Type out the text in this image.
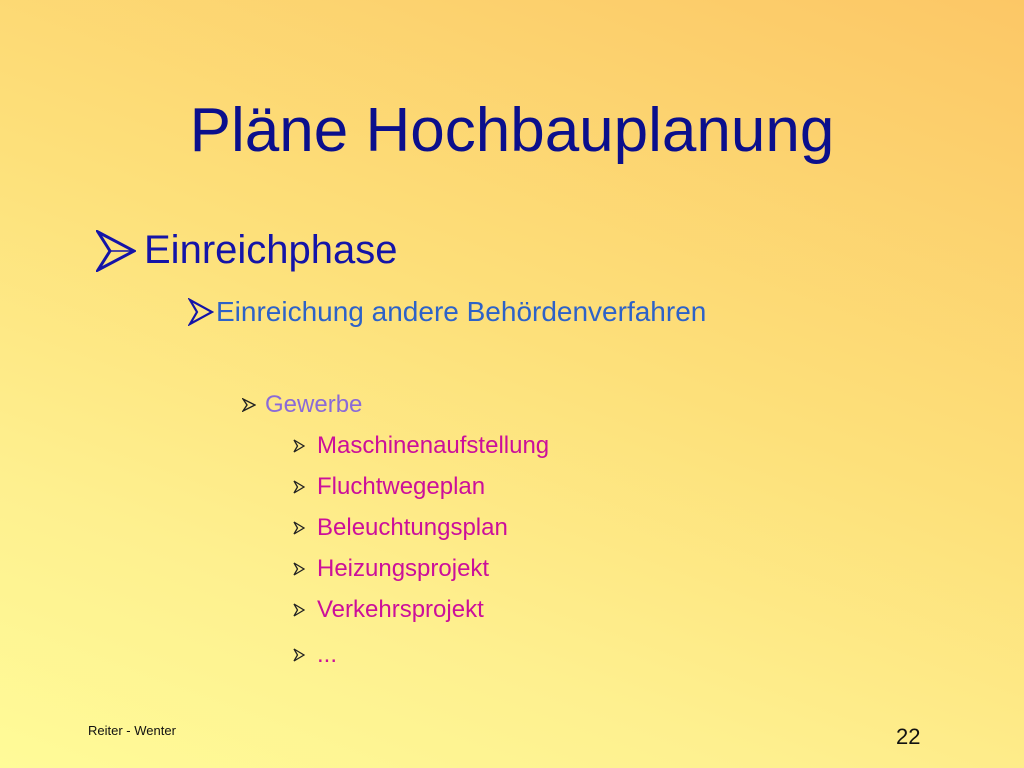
Pläne Hochbauplanung
Einreichphase
Einreichung andere Behördenverfahren
Gewerbe
Maschinenaufstellung
Fluchtwegeplan
Beleuchtungsplan
Heizungsprojekt
Verkehrsprojekt
...
Reiter - Wenter	22
